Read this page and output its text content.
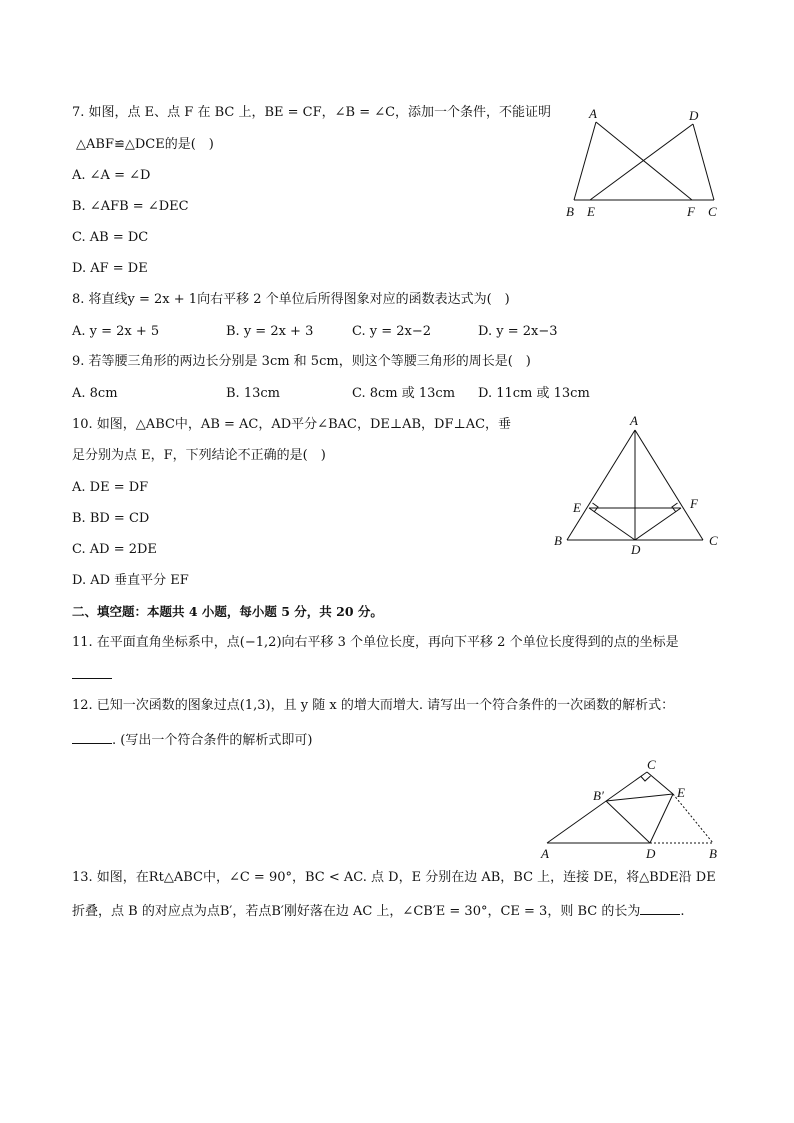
7. 如图，点 E、点 F 在 BC 上，BE = CF，∠B = ∠C，添加一个条件，不能证明
△ABF≌△DCE的是(　)
A. ∠A = ∠D
B. ∠AFB = ∠DEC
C. AB = DC
D. AF = DE
A	D
B E	F C
8. 将直线y = 2x + 1向右平移 2 个单位后所得图象对应的函数表达式为(　)
A. y = 2x + 5	B. y = 2x + 3	C. y = 2x−2	D. y = 2x−3
9. 若等腰三角形的两边长分别是 3cm 和 5cm，则这个等腰三角形的周长是(　)
A. 8cm	B. 13cm	C. 8cm 或 13cm D. 11cm 或 13cm
10. 如图，△ABC中，AB = AC，AD平分∠BAC，DE⊥AB，DF⊥AC，垂
足分别为点 E，F，下列结论不正确的是(　)
A. DE = DF
B. BD = CD
C. AD = 2DE
D. AD 垂直平分 EF
A
E	F
B
D
C
二、填空题：本题共 4 小题，每小题 5 分，共 20 分。
11. 在平面直角坐标系中，点(−1,2)向右平移 3 个单位长度，再向下平移 2 个单位长度得到的点的坐标是
12. 已知一次函数的图象过点(1,3)，且 y 随 x 的增大而增大. 请写出一个符合条件的一次函数的解析式：
. (写出一个符合条件的解析式即可)
C
B′	E
A	D	B
13. 如图，在Rt△ABC中，∠C = 90°，BC < AC. 点 D，E 分别在边 AB，BC 上，连接 DE，将△BDE沿 DE
折叠，点 B 的对应点为点B′，若点B′刚好落在边 AC 上，∠CB′E = 30°，CE = 3，则 BC 的长为	.
